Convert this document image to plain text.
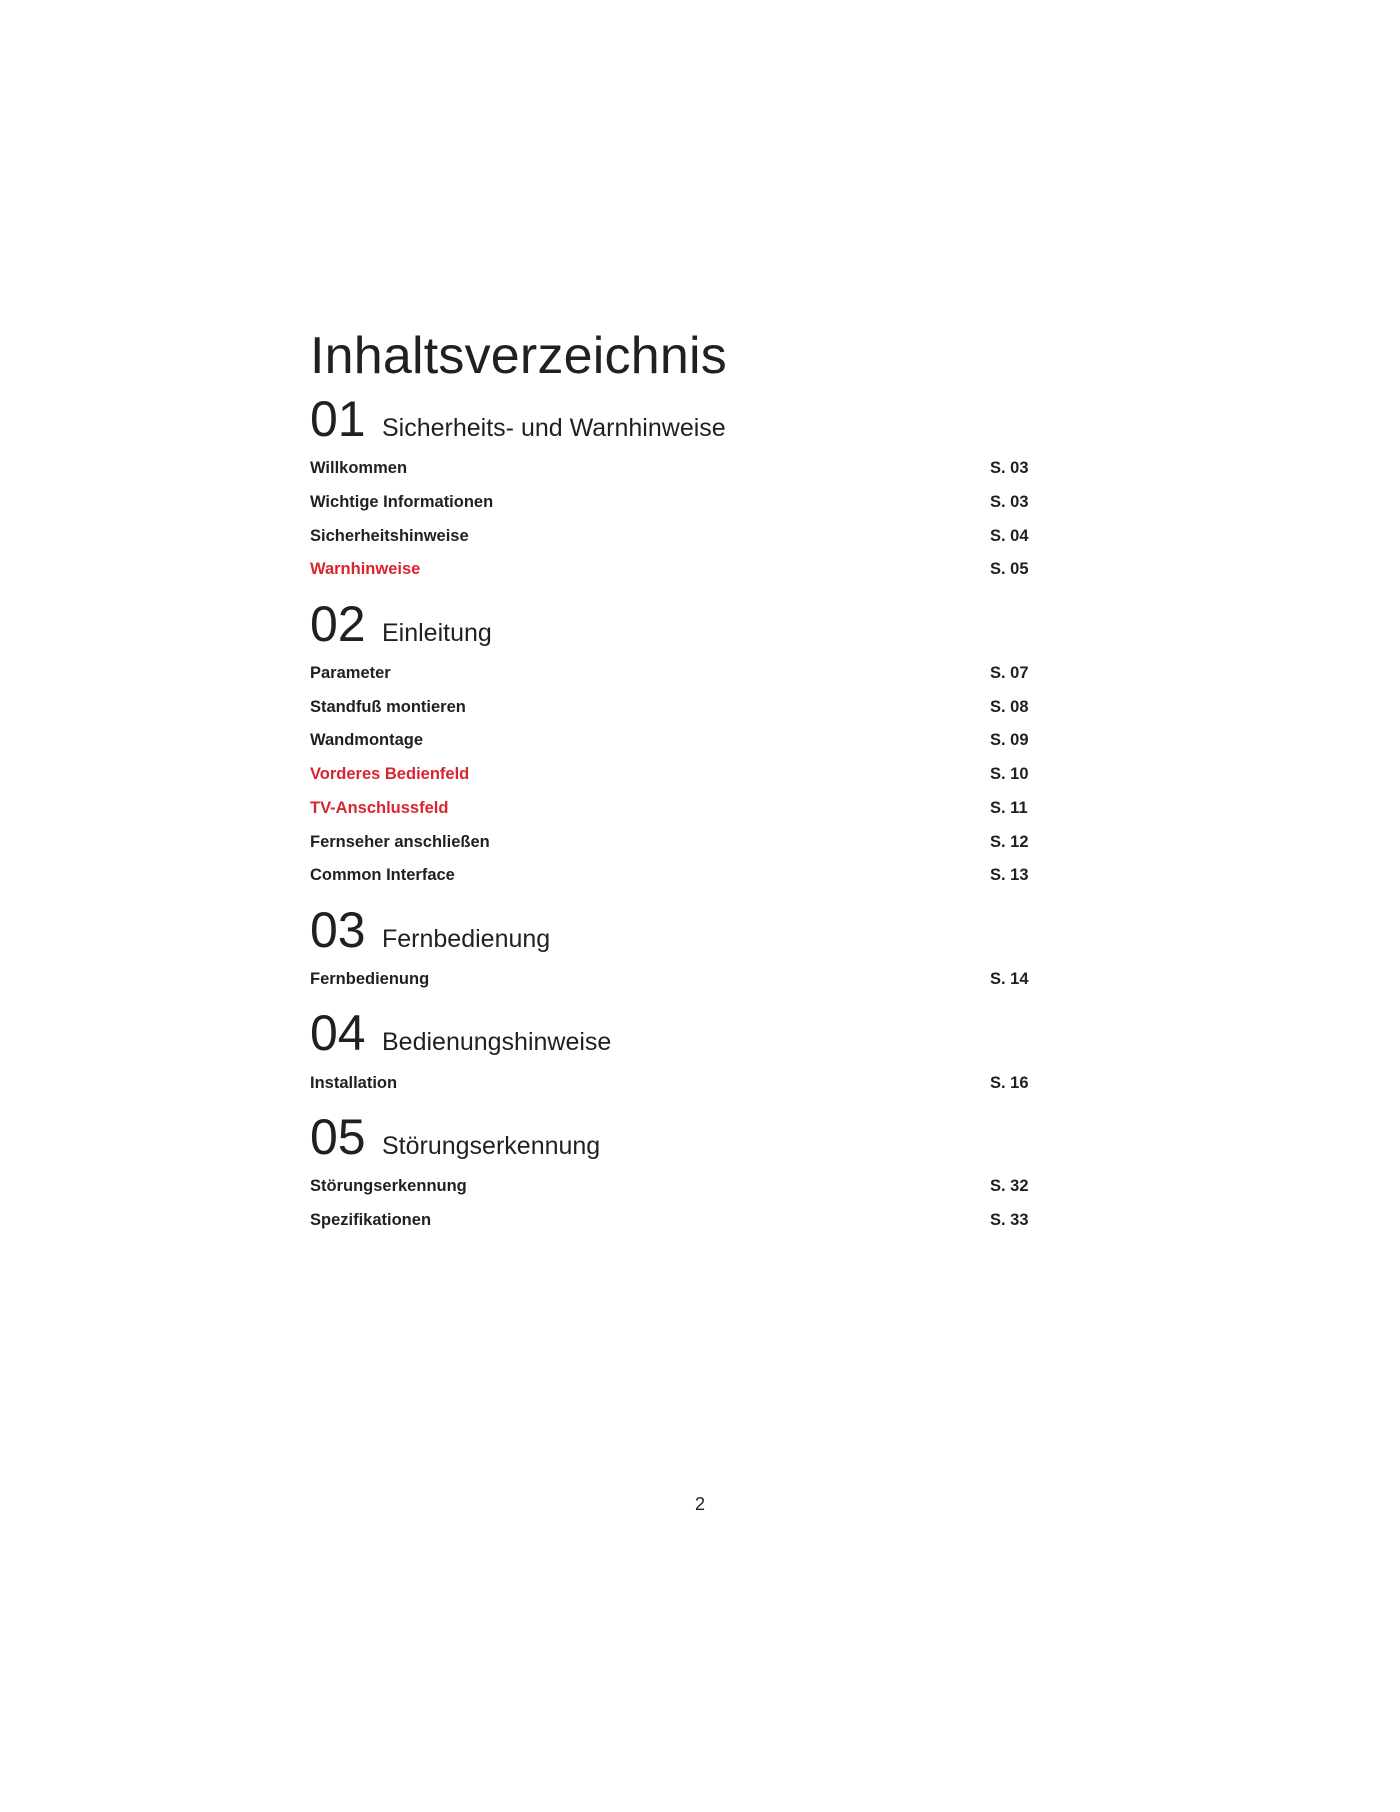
Inhaltsverzeichnis
01 Sicherheits- und Warnhinweise
Willkommen	S. 03
Wichtige Informationen	S. 03
Sicherheitshinweise	S. 04
Warnhinweise	S. 05
02 Einleitung
Parameter	S. 07
Standfuß montieren	S. 08
Wandmontage	S. 09
Vorderes Bedienfeld	S. 10
TV-Anschlussfeld	S. 11
Fernseher anschließen	S. 12
Common Interface	S. 13
03 Fernbedienung
Fernbedienung	S. 14
04 Bedienungshinweise
Installation	S. 16
05 Störungserkennung
Störungserkennung	S. 32
Spezifikationen	S. 33
2
